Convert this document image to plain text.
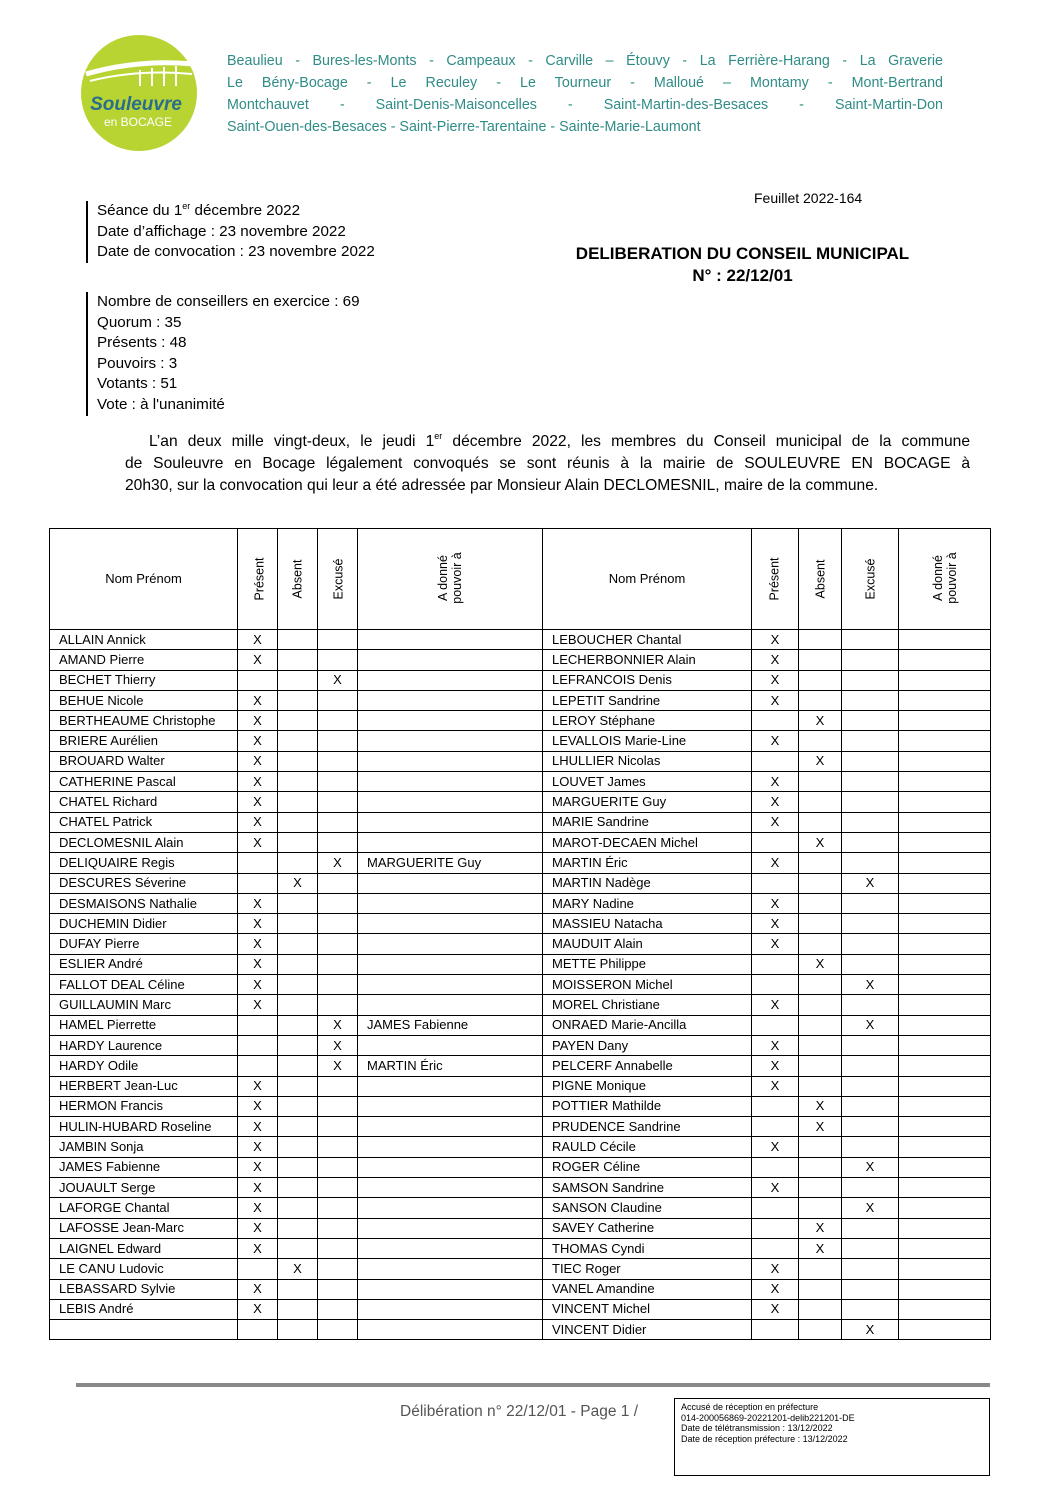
Souleuvre
en BOCAGE
Beaulieu - Bures-les-Monts - Campeaux - Carville – Étouvy - La Ferrière-Harang - La Graverie
Le Bény-Bocage - Le Reculey - Le Tourneur - Malloué – Montamy - Mont-Bertrand
Montchauvet - Saint-Denis-Maisoncelles - Saint-Martin-des-Besaces - Saint-Martin-Don
Saint-Ouen-des-Besaces - Saint-Pierre-Tarentaine - Sainte-Marie-Laumont
Feuillet 2022-164
Séance du 1er décembre 2022
Date d’affichage : 23 novembre 2022
Date de convocation : 23 novembre 2022	DELIBERATION DU CONSEIL MUNICIPAL
N° : 22/12/01
Nombre de conseillers en exercice : 69
Quorum : 35
Présents : 48
Pouvoirs : 3
Votants : 51
Vote : à l'unanimité
L’an deux mille vingt-deux, le jeudi 1er décembre 2022, les membres du Conseil municipal de la commune
de Souleuvre en Bocage légalement convoqués se sont réunis à la mairie de SOULEUVRE EN BOCAGE à
20h30, sur la convocation qui leur a été adressée par Monsieur Alain DECLOMESNIL, maire de la commune.
Nom Prénom	Présent	Absent	Excusé	A donné pouvoir à	Nom Prénom	Présent	Absent	Excusé	A donné pouvoir à
ALLAIN Annick	X				LEBOUCHER Chantal	X			
AMAND Pierre	X				LECHERBONNIER Alain	X			
BECHET Thierry			X		LEFRANCOIS Denis	X			
BEHUE Nicole	X				LEPETIT Sandrine	X			
BERTHEAUME Christophe	X				LEROY Stéphane		X		
BRIERE Aurélien	X				LEVALLOIS Marie-Line	X			
BROUARD Walter	X				LHULLIER Nicolas		X		
CATHERINE Pascal	X				LOUVET James	X			
CHATEL Richard	X				MARGUERITE Guy	X			
CHATEL Patrick	X				MARIE Sandrine	X			
DECLOMESNIL Alain	X				MAROT-DECAEN Michel		X		
DELIQUAIRE Regis			X	MARGUERITE Guy	MARTIN Éric	X			
DESCURES Séverine		X			MARTIN Nadège			X	
DESMAISONS Nathalie	X				MARY Nadine	X			
DUCHEMIN Didier	X				MASSIEU Natacha	X			
DUFAY Pierre	X				MAUDUIT Alain	X			
ESLIER André	X				METTE Philippe		X		
FALLOT DEAL Céline	X				MOISSERON Michel			X	
GUILLAUMIN Marc	X				MOREL Christiane	X			
HAMEL Pierrette			X	JAMES Fabienne	ONRAED Marie-Ancilla			X	
HARDY Laurence			X		PAYEN Dany	X			
HARDY Odile			X	MARTIN Éric	PELCERF Annabelle	X			
HERBERT Jean-Luc	X				PIGNE Monique	X			
HERMON Francis	X				POTTIER Mathilde		X		
HULIN-HUBARD Roseline	X				PRUDENCE Sandrine		X		
JAMBIN Sonja	X				RAULD Cécile	X			
JAMES Fabienne	X				ROGER Céline			X	
JOUAULT Serge	X				SAMSON Sandrine	X			
LAFORGE Chantal	X				SANSON Claudine			X	
LAFOSSE Jean-Marc	X				SAVEY Catherine		X		
LAIGNEL Edward	X				THOMAS Cyndi		X		
LE CANU Ludovic		X			TIEC Roger	X			
LEBASSARD Sylvie	X				VANEL Amandine	X			
LEBIS André	X				VINCENT Michel	X			
					VINCENT Didier			X	
Délibération n° 22/12/01 - Page 1 /	Accusé de réception en préfecture
014-200056869-20221201-delib221201-DE
Date de télétransmission : 13/12/2022
Date de réception préfecture : 13/12/2022
